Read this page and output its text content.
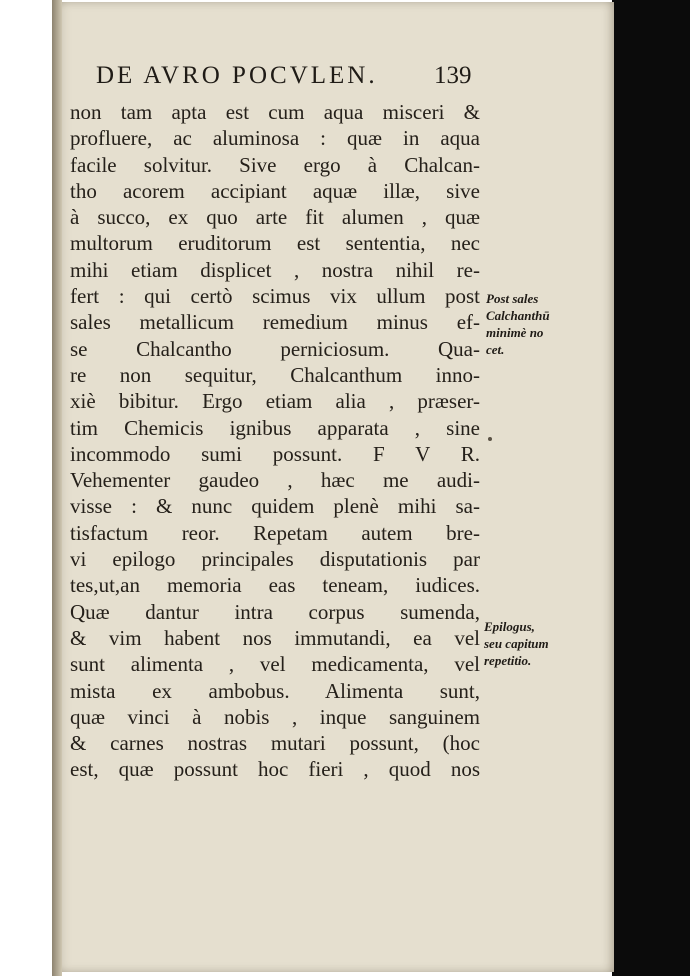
DE AVRO POCVLEN. 139
non tam apta est cum aqua misceri &
profluere, ac aluminosa : quæ in aqua
facile solvitur. Sive ergo à Chalcan-
tho acorem accipiant aquæ illæ, sive
à succo, ex quo arte fit alumen , quæ
multorum eruditorum est sententia, nec
mihi etiam displicet , nostra nihil re-
fert : qui certò scimus vix ullum post
sales metallicum remedium minus ef-
se Chalcantho perniciosum. Qua-
re non sequitur, Chalcanthum inno-
xiè bibitur. Ergo etiam alia , præser-
tim Chemicis ignibus apparata , sine
incommodo sumi possunt. F V R.
Vehementer gaudeo , hæc me audi-
visse : & nunc quidem plenè mihi sa-
tisfactum reor. Repetam autem bre-
vi epilogo principales disputationis par
tes,ut,an memoria eas teneam, iudices.
Quæ dantur intra corpus sumenda,
& vim habent nos immutandi, ea vel
sunt alimenta , vel medicamenta, vel
mista ex ambobus. Alimenta sunt,
quæ vinci à nobis , inque sanguinem
& carnes nostras mutari possunt, (hoc
est, quæ possunt hoc fieri , quod nos
Post sales
Calchanthū
minimè no
cet.
Epilogus,
seu capitum
repetitio.
